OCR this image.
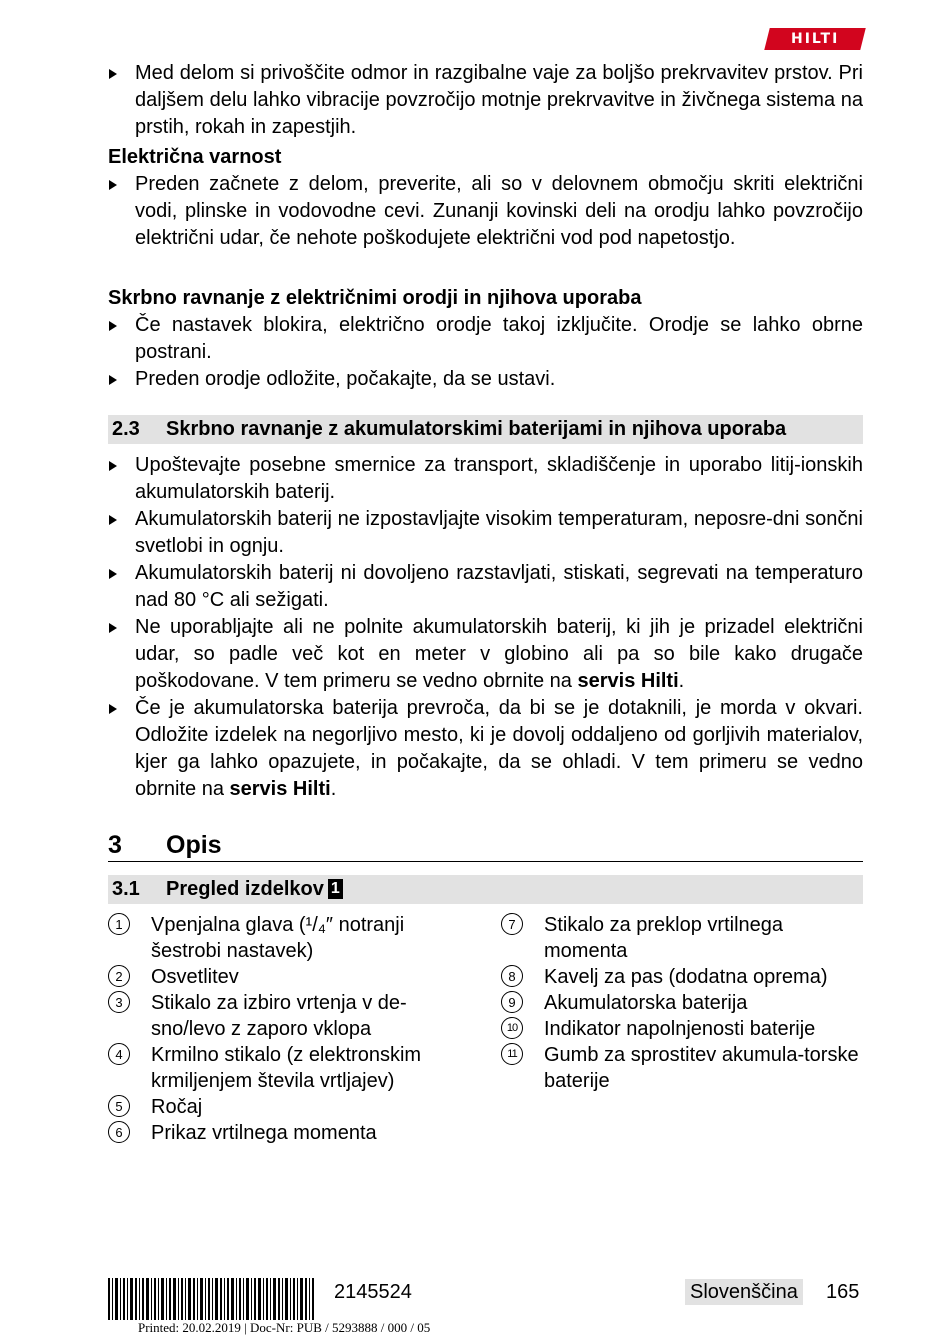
HILTI
Med delom si privoščite odmor in razgibalne vaje za boljšo prekrvavitev prstov. Pri daljšem delu lahko vibracije povzročijo motnje prekrvavitve in živčnega sistema na prstih, rokah in zapestjih.
Električna varnost
Preden začnete z delom, preverite, ali so v delovnem območju skriti električni vodi, plinske in vodovodne cevi. Zunanji kovinski deli na orodju lahko povzročijo električni udar, če nehote poškodujete električni vod pod napetostjo.
Skrbno ravnanje z električnimi orodji in njihova uporaba
Če nastavek blokira, električno orodje takoj izključite. Orodje se lahko obrne postrani.
Preden orodje odložite, počakajte, da se ustavi.
2.3 Skrbno ravnanje z akumulatorskimi baterijami in njihova uporaba
Upoštevajte posebne smernice za transport, skladiščenje in uporabo litij-ionskih akumulatorskih baterij.
Akumulatorskih baterij ne izpostavljajte visokim temperaturam, neposre-dni sončni svetlobi in ognju.
Akumulatorskih baterij ni dovoljeno razstavljati, stiskati, segrevati na temperaturo nad 80 °C ali sežigati.
Ne uporabljajte ali ne polnite akumulatorskih baterij, ki jih je prizadel električni udar, so padle več kot en meter v globino ali pa so bile kako drugače poškodovane. V tem primeru se vedno obrnite na servis Hilti.
Če je akumulatorska baterija prevroča, da bi se je dotaknili, je morda v okvari. Odložite izdelek na negorljivo mesto, ki je dovolj oddaljeno od gorljivih materialov, kjer ga lahko opazujete, in počakajte, da se ohladi. V tem primeru se vedno obrnite na servis Hilti.
3 Opis
3.1 Pregled izdelkov 1
1	Vpenjalna glava (¹/₄″ notranji šestrobi nastavek)
2	Osvetlitev
3	Stikalo za izbiro vrtenja v de-sno/levo z zaporo vklopa
4	Krmilno stikalo (z elektronskim krmiljenjem števila vrtljajev)
5	Ročaj
6	Prikaz vrtilnega momenta
7	Stikalo za preklop vrtilnega momenta
8	Kavelj za pas (dodatna oprema)
9	Akumulatorska baterija
10 Indikator napolnjenosti baterije
11	Gumb za sprostitev akumula-torske baterije
2145524	Slovenščina 165
Printed: 20.02.2019 | Doc-Nr: PUB / 5293888 / 000 / 05
